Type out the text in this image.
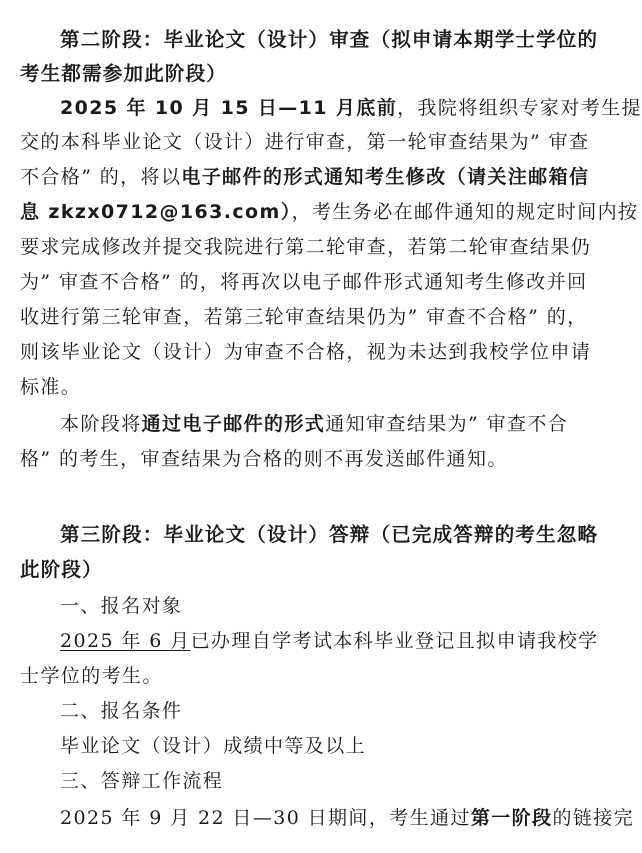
第二阶段：毕业论文（设计）审查（拟申请本期学士学位的
考生都需参加此阶段）
2025 年 10 月 15 日—11 月底前，我院将组织专家对考生提
交的本科毕业论文（设计）进行审查，第一轮审查结果为” 审查
不合格” 的，将以电子邮件的形式通知考生修改（请关注邮箱信
息 zkzx0712@163.com），考生务必在邮件通知的规定时间内按
要求完成修改并提交我院进行第二轮审查，若第二轮审查结果仍
为” 审查不合格” 的，将再次以电子邮件形式通知考生修改并回
收进行第三轮审查，若第三轮审查结果仍为” 审查不合格” 的，
则该毕业论文（设计）为审查不合格，视为未达到我校学位申请
标准。
本阶段将通过电子邮件的形式通知审查结果为” 审查不合
格” 的考生，审查结果为合格的则不再发送邮件通知。
第三阶段：毕业论文（设计）答辩（已完成答辩的考生忽略
此阶段）
一、报名对象
2025 年 6 月已办理自学考试本科毕业登记且拟申请我校学
士学位的考生。
二、报名条件
毕业论文（设计）成绩中等及以上
三、答辩工作流程
2025 年 9 月 22 日—30 日期间，考生通过第一阶段的链接完
